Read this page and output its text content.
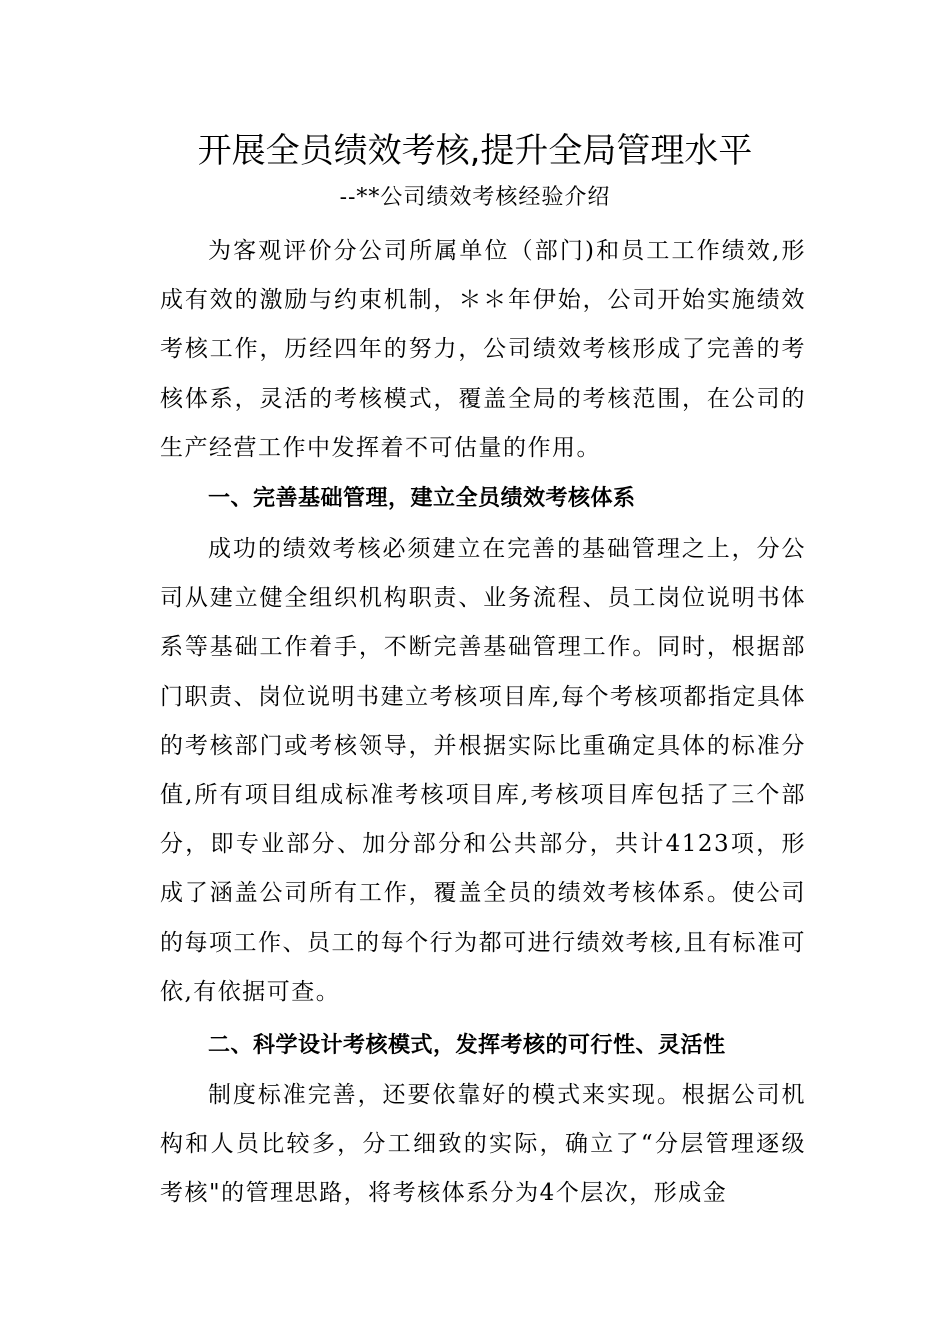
开展全员绩效考核,提升全局管理水平
--**公司绩效考核经验介绍

为客观评价分公司所属单位（部门)和员工工作绩效,形成有效的激励与约束机制，＊＊年伊始，公司开始实施绩效考核工作，历经四年的努力，公司绩效考核形成了完善的考核体系，灵活的考核模式，覆盖全局的考核范围，在公司的生产经营工作中发挥着不可估量的作用。

一、完善基础管理，建立全员绩效考核体系

成功的绩效考核必须建立在完善的基础管理之上，分公司从建立健全组织机构职责、业务流程、员工岗位说明书体系等基础工作着手，不断完善基础管理工作。同时，根据部门职责、岗位说明书建立考核项目库,每个考核项都指定具体的考核部门或考核领导，并根据实际比重确定具体的标准分值,所有项目组成标准考核项目库,考核项目库包括了三个部分，即专业部分、加分部分和公共部分，共计4123项，形成了涵盖公司所有工作，覆盖全员的绩效考核体系。使公司的每项工作、员工的每个行为都可进行绩效考核,且有标准可依,有依据可查。

二、科学设计考核模式，发挥考核的可行性、灵活性

制度标准完善，还要依靠好的模式来实现。根据公司机构和人员比较多，分工细致的实际，确立了“分层管理逐级考核"的管理思路，将考核体系分为4个层次，形成金
